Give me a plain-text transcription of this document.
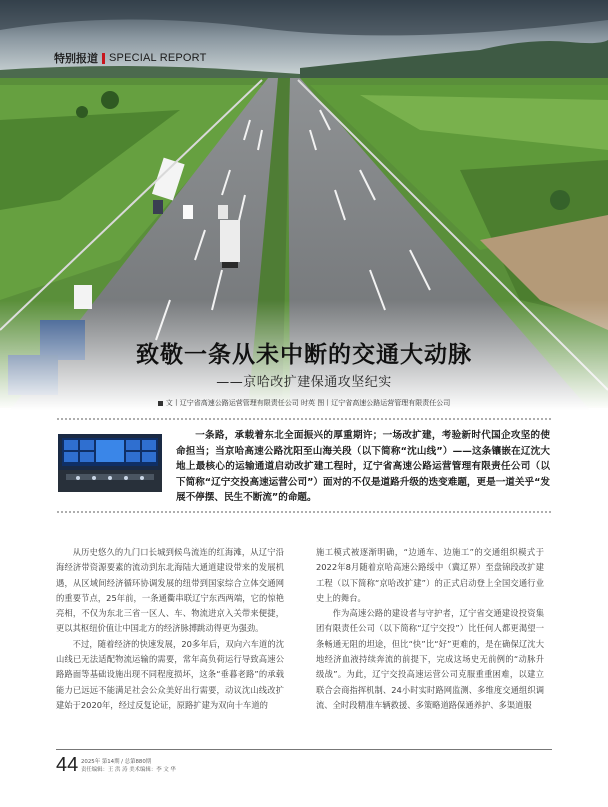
特别报道 SPECIAL REPORT
致敬一条从未中断的交通大动脉
——京哈改扩建保通攻坚纪实
文丨辽宁省高速公路运营管理有限责任公司 时英 图丨辽宁省高速公路运营管理有限责任公司
一条路，承载着东北全面振兴的厚重期许；一场改扩建，考验新时代国企攻坚的使命担当；当京哈高速公路沈阳至山海关段（以下简称“沈山线”）——这条镶嵌在辽沈大地上最核心的运输通道启动改扩建工程时，辽宁省高速公路运营管理有限责任公司（以下简称“辽宁交投高速运营公司”）面对的不仅是道路升级的迭变难题，更是一道关乎“发展不停摆、民生不断流”的命题。

从历史悠久的九门口长城到候鸟流连的红海滩，从辽宁沿海经济带资源要素的流动到东北海陆大通道建设带来的发展机遇，从区域间经济循环协调发展的纽带到国家综合立体交通网的重要节点，25年前，一条通衢串联辽宁东西两端，它的惊艳亮相，不仅为东北三省一区人、车、物流进京入关带来便捷，更以其枢纽价值让中国北方的经济脉搏跳动得更为强劲。

不过，随着经济的快速发展，20多年后，双向六车道的沈山线已无法适配物流运输的需要，常年高负荷运行导致高速公路路面等基础设施出现不同程度损坏，这条“垂暮老路”的承载能力已远远不能满足社会公众美好出行需要，动议沈山线改扩建始于2020年，经过反复论证，原路扩建为双向十车道的

施工模式被逐渐明确，“边通车、边施工”的交通组织模式于2022年8月随着京哈高速公路绥中（冀辽界）至盘锦段改扩建工程（以下简称“京哈改扩建”）的正式启动登上全国交通行业史上的舞台。

作为高速公路的建设者与守护者，辽宁省交通建设投资集团有限责任公司（以下简称“辽宁交投”）比任何人都更渴望一条畅通无阻的坦途，但比“快”比“好”更难的，是在确保辽沈大地经济血液持续奔流的前提下，完成这场史无前例的“动脉升级战”。为此，辽宁交投高速运营公司克服重重困难，以建立联合会商指挥机制、24小时实时路网监测、多维度交通组织调流、全时段精准车辆救援、多策略道路保通养护、多渠道服

44 2025年 第14期 / 总第880期
责任编辑：王 洪 涛 美术编辑：李 文 华
